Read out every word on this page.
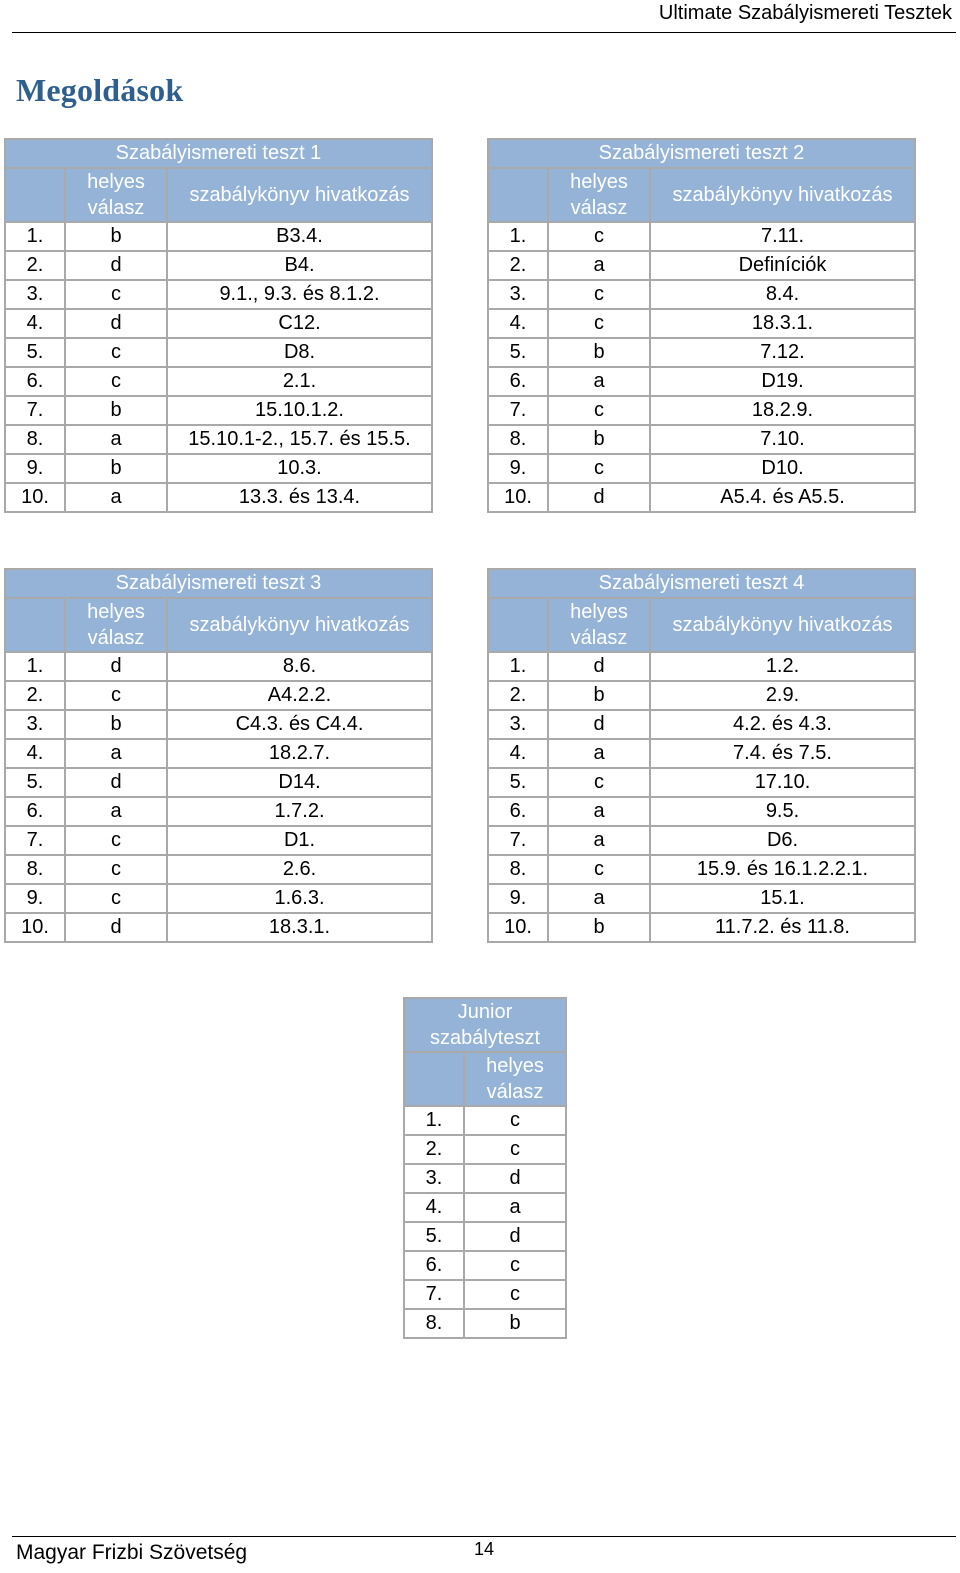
Ultimate Szabályismereti Tesztek
Megoldások
Szabályismereti teszt 1		
	helyes válasz	szabálykönyv hivatkozás
1.	b	B3.4.
2.	d	B4.
3.	c	9.1., 9.3. és 8.1.2.
4.	d	C12.
5.	c	D8.
6.	c	2.1.
7.	b	15.10.1.2.
8.	a	15.10.1-2., 15.7. és 15.5.
9.	b	10.3.
10.	a	13.3. és 13.4.
Szabályismereti teszt 2		
	helyes válasz	szabálykönyv hivatkozás
1.	c	7.11.
2.	a	Definíciók
3.	c	8.4.
4.	c	18.3.1.
5.	b	7.12.
6.	a	D19.
7.	c	18.2.9.
8.	b	7.10.
9.	c	D10.
10.	d	A5.4. és A5.5.
Szabályismereti teszt 3		
	helyes válasz	szabálykönyv hivatkozás
1.	d	8.6.
2.	c	A4.2.2.
3.	b	C4.3. és C4.4.
4.	a	18.2.7.
5.	d	D14.
6.	a	1.7.2.
7.	c	D1.
8.	c	2.6.
9.	c	1.6.3.
10.	d	18.3.1.
Szabályismereti teszt 4		
	helyes válasz	szabálykönyv hivatkozás
1.	d	1.2.
2.	b	2.9.
3.	d	4.2. és 4.3.
4.	a	7.4. és 7.5.
5.	c	17.10.
6.	a	9.5.
7.	a	D6.
8.	c	15.9. és 16.1.2.2.1.
9.	a	15.1.
10.	b	11.7.2. és 11.8.
Junior szabályteszt	
	helyes válasz
1.	c
2.	c
3.	d
4.	a
5.	d
6.	c
7.	c
8.	b
Magyar Frizbi Szövetség	14
